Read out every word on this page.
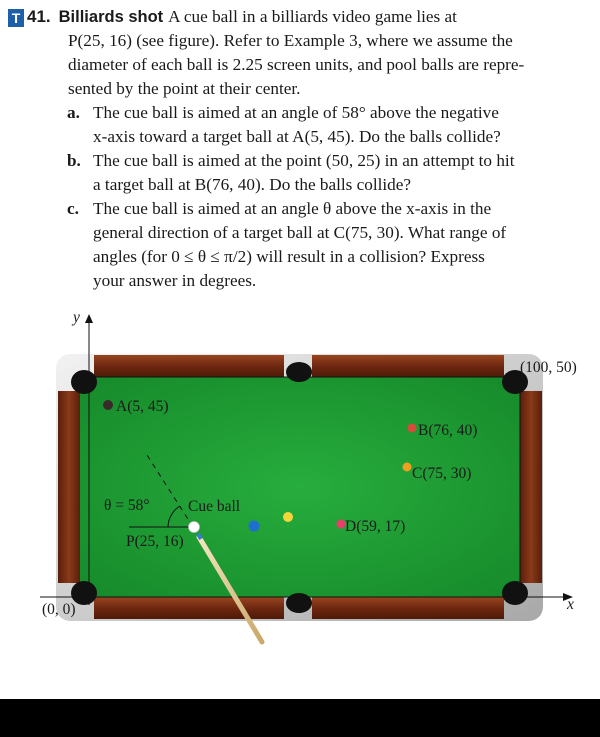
T 41. Billiards shot A cue ball in a billiards video game lies at
P(25, 16) (see figure). Refer to Example 3, where we assume the
diameter of each ball is 2.25 screen units, and pool balls are repre-
sented by the point at their center.
a. The cue ball is aimed at an angle of 58° above the negative
x-axis toward a target ball at A(5, 45). Do the balls collide?
b. The cue ball is aimed at the point (50, 25) in an attempt to hit
a target ball at B(76, 40). Do the balls collide?
c. The cue ball is aimed at an angle θ above the x-axis in the
general direction of a target ball at C(75, 30). What range of
angles (for 0 ≤ θ ≤ π/2) will result in a collision? Express
your answer in degrees.
y
x
(0, 0)
(100, 50)
A(5, 45)
B(76, 40)
C(75, 30)
D(59, 17)
θ = 58° Cue ball
P(25, 16)
